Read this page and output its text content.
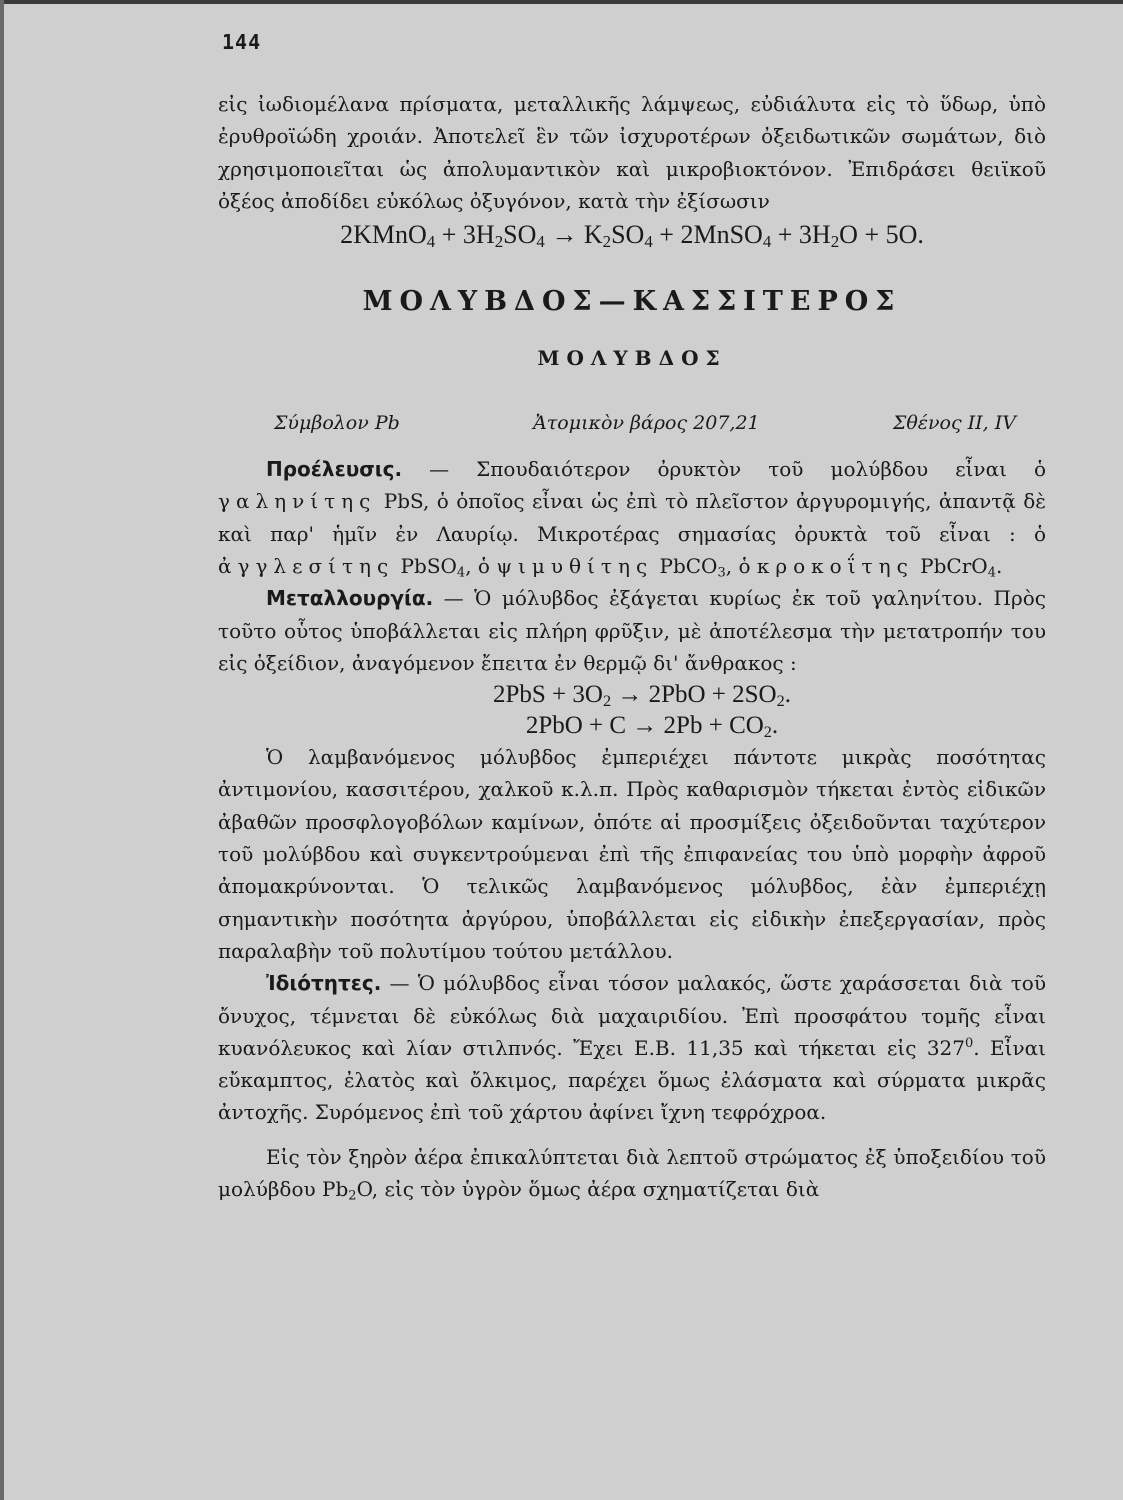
144

εἰς ἰωδιομέλανα πρίσματα, μεταλλικῆς λάμψεως, εὐδιάλυτα εἰς τὸ ὕδωρ, ὑπὸ ἐρυθροϊώδη χροιάν. Ἀποτελεῖ ἓν τῶν ἰσχυροτέρων ὀξειδωτικῶν σωμάτων, διὸ χρησιμοποιεῖται ὡς ἀπολυμαντικὸν καὶ μικροβιοκτόνον. Ἐπιδράσει θειϊκοῦ ὀξέος ἀποδίδει εὐκόλως ὀξυγόνον, κατὰ τὴν ἐξίσωσιν

2KMnO$_4$ + $3H_2SO_4 \to K_2SO_4$ + 2MnSO$_4$ + $3H_2O + 5O$.
ΜΟΛΥΒΔΟΣ—ΚΑΣΣΙΤΕΡΟΣ
ΜΟΛΥΒΔΟΣ
Σύμβολον Pb	Ἀτομικὸν βάρος 207,21	Σθένος II, IV

Προέλευσις. — Σπουδαιότερον ὀρυκτὸν τοῦ μολύβδου εἶναι ὁ γαληνίτης PbS, ὁ ὁποῖος εἶναι ὡς ἐπὶ τὸ πλεῖστον ἀργυρομιγής, ἀπαντᾷ δὲ καὶ παρ' ἡμῖν ἐν Λαυρίῳ. Μικροτέρας σημασίας ὀρυκτὰ τοῦ εἶναι : ὁ ἀγγλεσίτης PbSO$_4$, ὁ ψιμυθίτης PbCO$_3$, ὁ κροκοΐτης PbCrO$_4$.

Μεταλλουργία. — Ὁ μόλυβδος ἐξάγεται κυρίως ἐκ τοῦ γαληνίτου. Πρὸς τοῦτο οὗτος ὑποβάλλεται εἰς πλήρη φρῦξιν, μὲ ἀποτέλεσμα τὴν μετατροπήν του εἰς ὀξείδιον, ἀναγόμενον ἔπειτα ἐν θερμῷ δι' ἄνθρακος :

$2PbS + 3O_2 \to 2PbO + 2SO_2$.
$2PbO + C \to 2Pb + CO_2$.

Ὁ λαμβανόμενος μόλυβδος ἐμπεριέχει πάντοτε μικρὰς ποσότητας ἀντιμονίου, κασσιτέρου, χαλκοῦ κ.λ.π. Πρὸς καθαρισμὸν τήκεται ἐντὸς εἰδικῶν ἀβαθῶν προσφλογοβόλων καμίνων, ὁπότε αἱ προσμίξεις ὀξειδοῦνται ταχύτερον τοῦ μολύβδου καὶ συγκεντρούμεναι ἐπὶ τῆς ἐπιφανείας του ὑπὸ μορφὴν ἀφροῦ ἀπομακρύνονται. Ὁ τελικῶς λαμβανόμενος μόλυβδος, ἐὰν ἐμπεριέχῃ σημαντικὴν ποσότητα ἀργύρου, ὑποβάλλεται εἰς εἰδικὴν ἐπεξεργασίαν, πρὸς παραλαβὴν τοῦ πολυτίμου τούτου μετάλλου.

Ἰδιότητες. — Ὁ μόλυβδος εἶναι τόσον μαλακός, ὥστε χαράσσεται διὰ τοῦ ὄνυχος, τέμνεται δὲ εὐκόλως διὰ μαχαιριδίου. Ἐπὶ προσφάτου τομῆς εἶναι κυανόλευκος καὶ λίαν στιλπνός. Ἔχει Ε.Β. 11,35 καὶ τήκεται εἰς $327^0$. Εἶναι εὔκαμπτος, ἐλατὸς καὶ ὄλκιμος, παρέχει ὅμως ἐλάσματα καὶ σύρματα μικρᾶς ἀντοχῆς. Συρόμενος ἐπὶ τοῦ χάρτου ἀφίνει ἴχνη τεφρόχροα.

Εἰς τὸν ξηρὸν ἀέρα ἐπικαλύπτεται διὰ λεπτοῦ στρώματος ἐξ ὑποξειδίου τοῦ μολύβδου $Pb_2O$, εἰς τὸν ὑγρὸν ὅμως ἀέρα σχηματίζεται διὰ
